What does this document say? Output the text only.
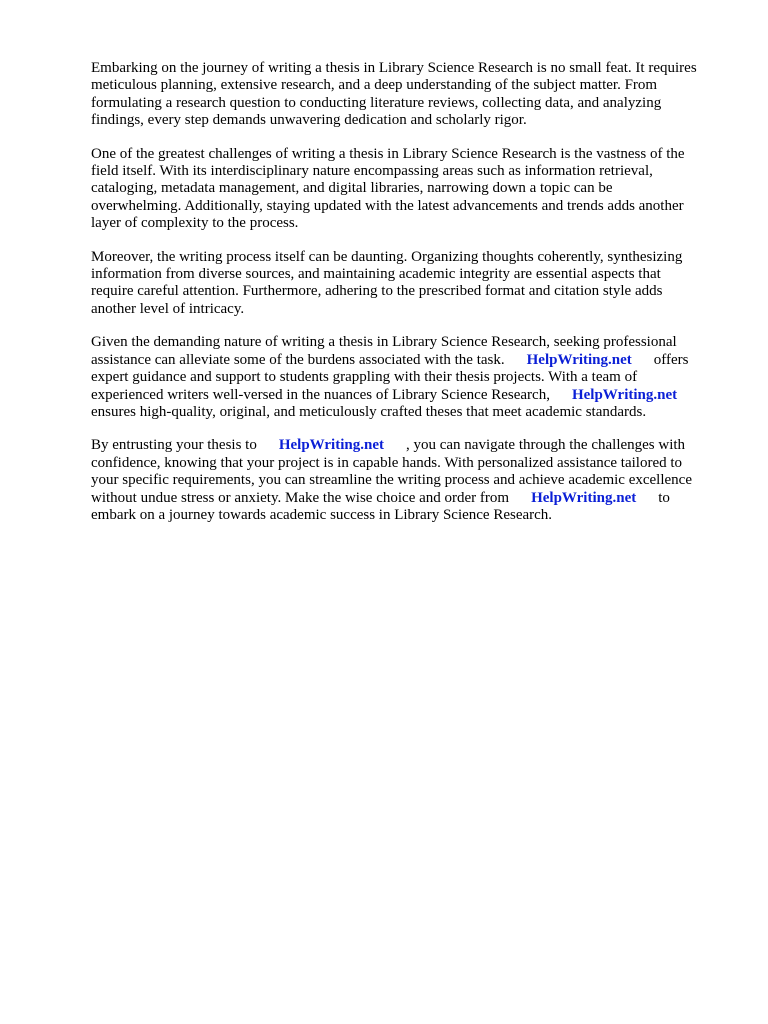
Embarking on the journey of writing a thesis in Library Science Research is no small feat. It requires
meticulous planning, extensive research, and a deep understanding of the subject matter. From
formulating a research question to conducting literature reviews, collecting data, and analyzing
findings, every step demands unwavering dedication and scholarly rigor.

One of the greatest challenges of writing a thesis in Library Science Research is the vastness of the
field itself. With its interdisciplinary nature encompassing areas such as information retrieval,
cataloging, metadata management, and digital libraries, narrowing down a topic can be
overwhelming. Additionally, staying updated with the latest advancements and trends adds another
layer of complexity to the process.

Moreover, the writing process itself can be daunting. Organizing thoughts coherently, synthesizing
information from diverse sources, and maintaining academic integrity are essential aspects that
require careful attention. Furthermore, adhering to the prescribed format and citation style adds
another level of intricacy.

Given the demanding nature of writing a thesis in Library Science Research, seeking professional
assistance can alleviate some of the burdens associated with the task. HelpWriting.net offers
expert guidance and support to students grappling with their thesis projects. With a team of
experienced writers well-versed in the nuances of Library Science Research, HelpWriting.net
ensures high-quality, original, and meticulously crafted theses that meet academic standards.

By entrusting your thesis to HelpWriting.net , you can navigate through the challenges with
confidence, knowing that your project is in capable hands. With personalized assistance tailored to
your specific requirements, you can streamline the writing process and achieve academic excellence
without undue stress or anxiety. Make the wise choice and order from HelpWriting.net to
embark on a journey towards academic success in Library Science Research.
